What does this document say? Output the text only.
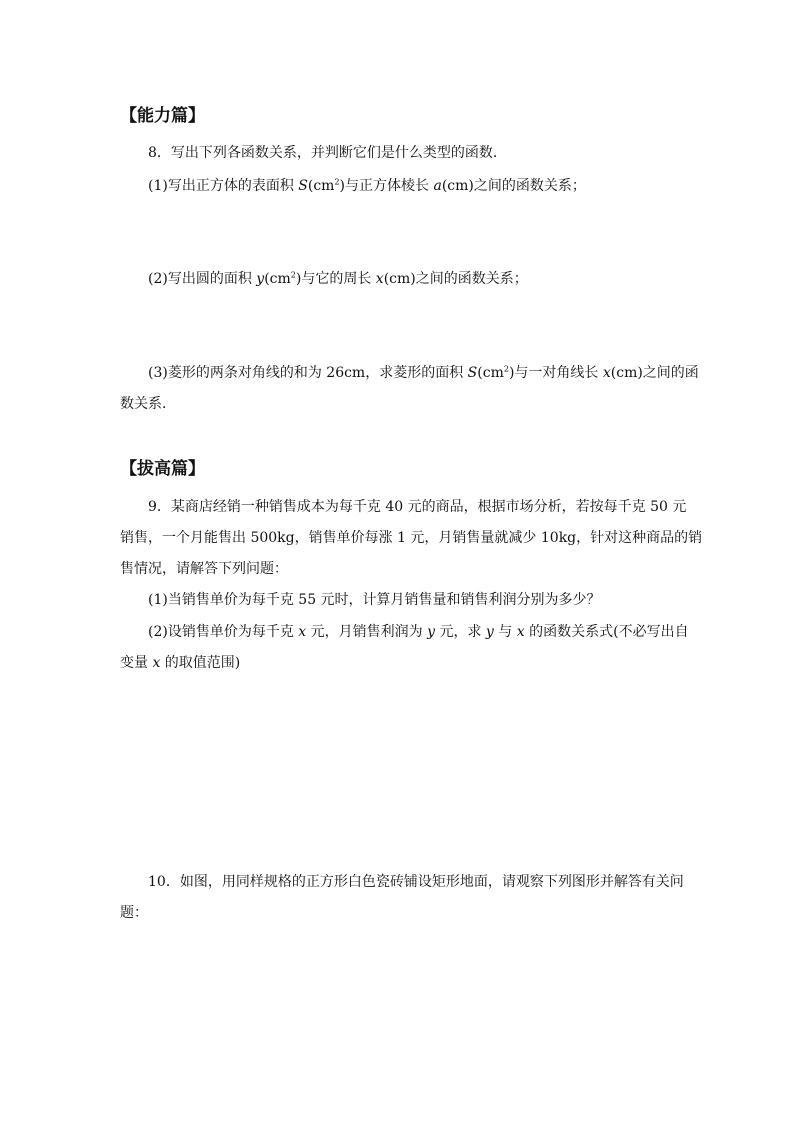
【能力篇】
8．写出下列各函数关系，并判断它们是什么类型的函数．
(1)写出正方体的表面积 $S(cm^2)$与正方体棱长 a(cm)之间的函数关系；
(2)写出圆的面积 $y(cm^2)$与它的周长 x(cm)之间的函数关系；
(3)菱形的两条对角线的和为 26cm，求菱形的面积 $S(cm^2)$与一对角线长 x(cm)之间的函
数关系．
【拔高篇】
9．某商店经销一种销售成本为每千克 40 元的商品，根据市场分析，若按每千克 50 元
销售，一个月能售出 500kg，销售单价每涨 1 元，月销售量就减少 10kg，针对这种商品的销
售情况，请解答下列问题：
(1)当销售单价为每千克 55 元时，计算月销售量和销售利润分别为多少？
(2)设销售单价为每千克 x 元，月销售利润为 y 元，求 y 与 x 的函数关系式(不必写出自
变量 x 的取值范围)
10．如图，用同样规格的正方形白色瓷砖铺设矩形地面，请观察下列图形并解答有关问
题：
